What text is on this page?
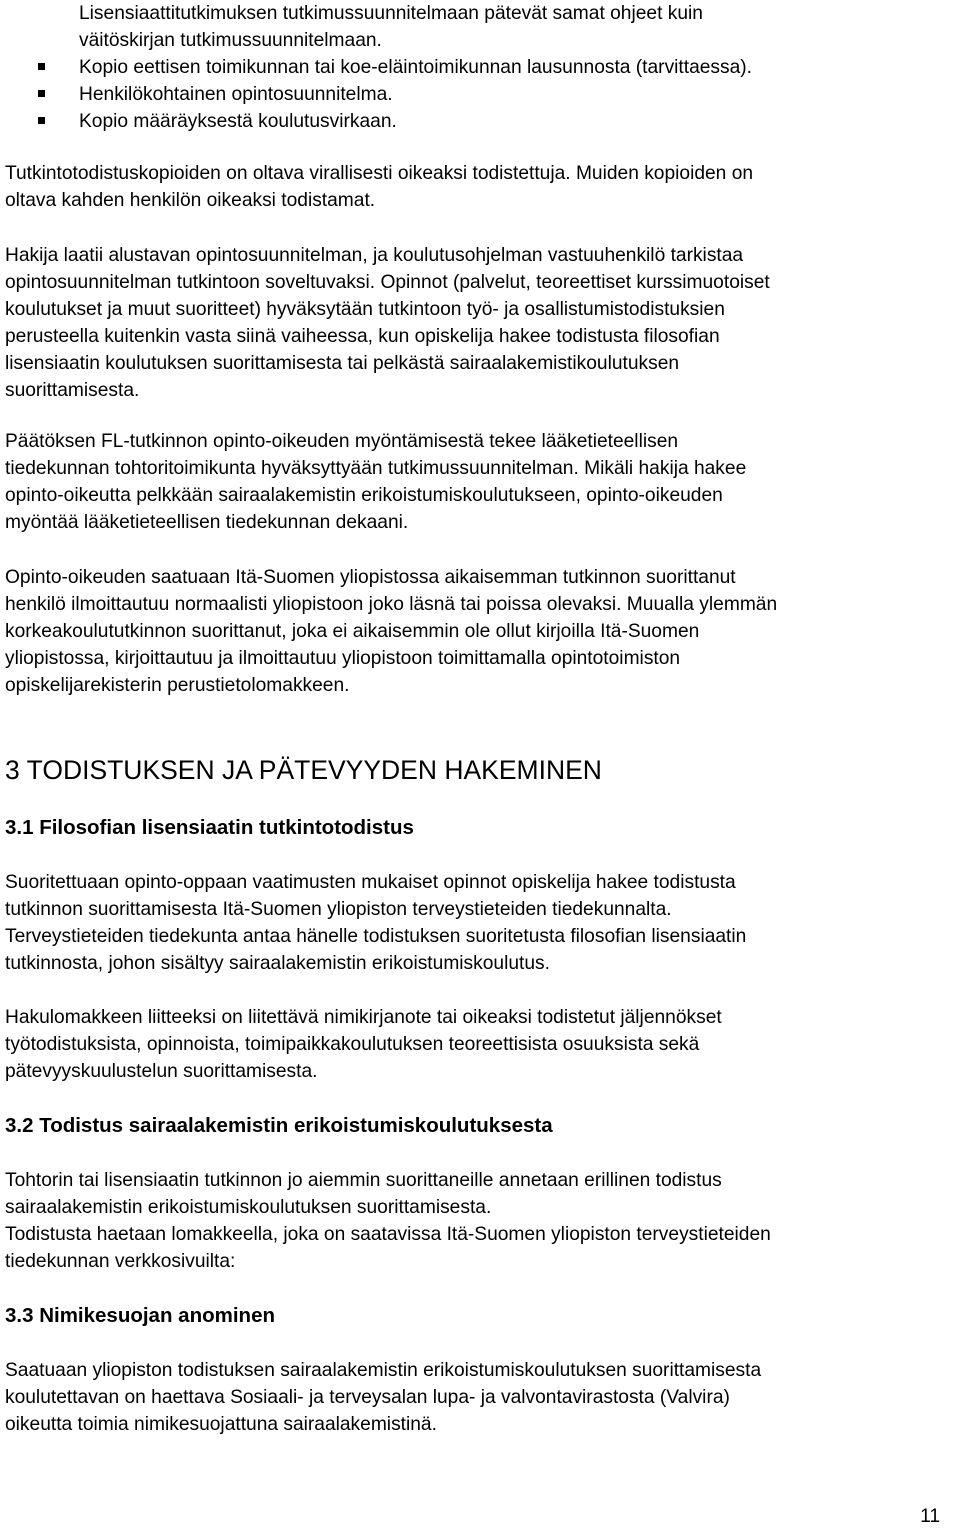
Lisensiaattitutkimuksen tutkimussuunnitelmaan pätevät samat ohjeet kuin
väitöskirjan tutkimussuunnitelmaan.
Kopio eettisen toimikunnan tai koe-eläintoimikunnan lausunnosta (tarvittaessa).
Henkilökohtainen opintosuunnitelma.
Kopio määräyksestä koulutusvirkaan.
Tutkintotodistuskopioiden on oltava virallisesti oikeaksi todistettuja. Muiden kopioiden on
oltava kahden henkilön oikeaksi todistamat.
Hakija laatii alustavan opintosuunnitelman, ja koulutusohjelman vastuuhenkilö tarkistaa
opintosuunnitelman tutkintoon soveltuvaksi. Opinnot (palvelut, teoreettiset kurssimuotoiset
koulutukset ja muut suoritteet) hyväksytään tutkintoon työ- ja osallistumistodistuksien
perusteella kuitenkin vasta siinä vaiheessa, kun opiskelija hakee todistusta filosofian
lisensiaatin koulutuksen suorittamisesta tai pelkästä sairaalakemistikoulutuksen
suorittamisesta.
Päätöksen FL-tutkinnon opinto-oikeuden myöntämisestä tekee lääketieteellisen
tiedekunnan tohtoritoimikunta hyväksyttyään tutkimussuunnitelman. Mikäli hakija hakee
opinto-oikeutta pelkkään sairaalakemistin erikoistumiskoulutukseen, opinto-oikeuden
myöntää lääketieteellisen tiedekunnan dekaani.
Opinto-oikeuden saatuaan Itä-Suomen yliopistossa aikaisemman tutkinnon suorittanut
henkilö ilmoittautuu normaalisti yliopistoon joko läsnä tai poissa olevaksi. Muualla ylemmän
korkeakoulututkinnon suorittanut, joka ei aikaisemmin ole ollut kirjoilla Itä-Suomen
yliopistossa, kirjoittautuu ja ilmoittautuu yliopistoon toimittamalla opintotoimiston
opiskelijarekisterin perustietolomakkeen.
3 TODISTUKSEN JA PÄTEVYYDEN HAKEMINEN
3.1 Filosofian lisensiaatin tutkintotodistus
Suoritettuaan opinto-oppaan vaatimusten mukaiset opinnot opiskelija hakee todistusta
tutkinnon suorittamisesta Itä-Suomen yliopiston terveystieteiden tiedekunnalta.
Terveystieteiden tiedekunta antaa hänelle todistuksen suoritetusta filosofian lisensiaatin
tutkinnosta, johon sisältyy sairaalakemistin erikoistumiskoulutus.
Hakulomakkeen liitteeksi on liitettävä nimikirjanote tai oikeaksi todistetut jäljennökset
työtodistuksista, opinnoista, toimipaikkakoulutuksen teoreettisista osuuksista sekä
pätevyyskuulustelun suorittamisesta.
3.2 Todistus sairaalakemistin erikoistumiskoulutuksesta
Tohtorin tai lisensiaatin tutkinnon jo aiemmin suorittaneille annetaan erillinen todistus
sairaalakemistin erikoistumiskoulutuksen suorittamisesta.
Todistusta haetaan lomakkeella, joka on saatavissa Itä-Suomen yliopiston terveystieteiden
tiedekunnan verkkosivuilta:
3.3 Nimikesuojan anominen
Saatuaan yliopiston todistuksen sairaalakemistin erikoistumiskoulutuksen suorittamisesta
koulutettavan on haettava Sosiaali- ja terveysalan lupa- ja valvontavirastosta (Valvira)
oikeutta toimia nimikesuojattuna sairaalakemistinä.
11
